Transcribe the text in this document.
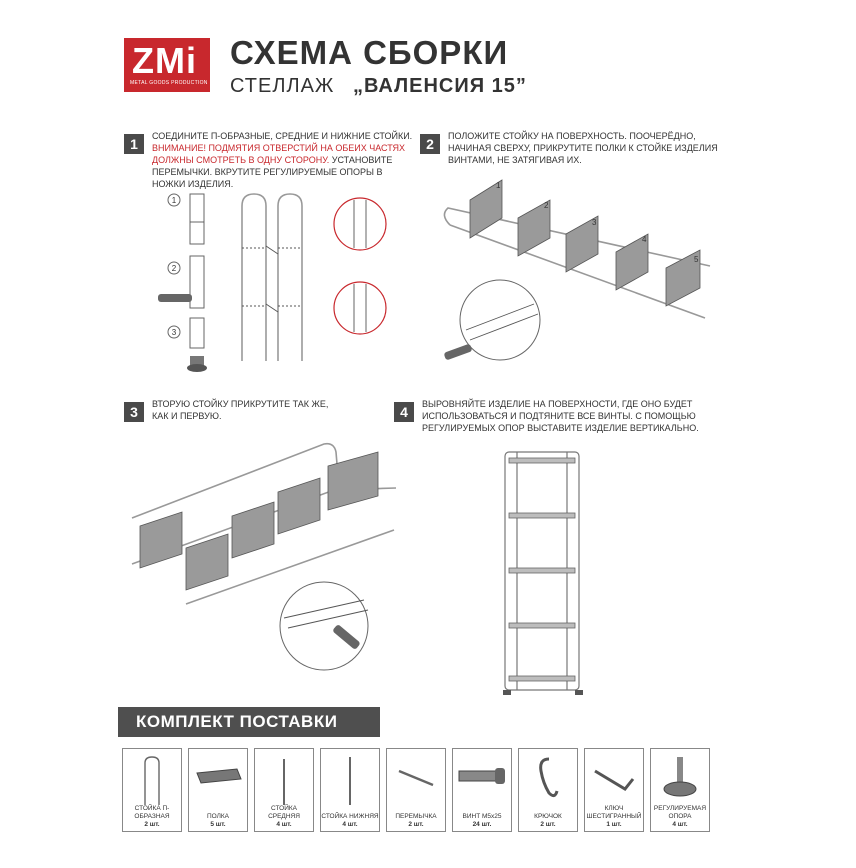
ZMi
METAL GOODS PRODUCTION
СХЕМА СБОРКИ
СТЕЛЛАЖ „ВАЛЕНСИЯ 15”
1	СОЕДИНИТЕ П-ОБРАЗНЫЕ, СРЕДНИЕ И НИЖНИЕ СТОЙКИ. ВНИМАНИЕ! ПОДМЯТИЯ ОТВЕРСТИЙ НА ОБЕИХ ЧАСТЯХ ДОЛЖНЫ СМОТРЕТЬ В ОДНУ СТОРОНУ. УСТАНОВИТЕ ПЕРЕМЫЧКИ. ВКРУТИТЕ РЕГУЛИРУЕМЫЕ ОПОРЫ В НОЖКИ ИЗДЕЛИЯ.
1
2
3
2	ПОЛОЖИТЕ СТОЙКУ НА ПОВЕРХНОСТЬ. ПООЧЕРЁДНО, НАЧИНАЯ СВЕРХУ, ПРИКРУТИТЕ ПОЛКИ К СТОЙКЕ ИЗДЕЛИЯ ВИНТАМИ, НЕ ЗАТЯГИВАЯ ИХ.
1
2
3
4
5
3	ВТОРУЮ СТОЙКУ ПРИКРУТИТЕ ТАК ЖЕ, КАК И ПЕРВУЮ.	4	ВЫРОВНЯЙТЕ ИЗДЕЛИЕ НА ПОВЕРХНОСТИ, ГДЕ ОНО БУДЕТ ИСПОЛЬЗОВАТЬСЯ И ПОДТЯНИТЕ ВСЕ ВИНТЫ. С ПОМОЩЬЮ РЕГУЛИРУЕМЫХ ОПОР ВЫСТАВИТЕ ИЗДЕЛИЕ ВЕРТИКАЛЬНО.
КОМПЛЕКТ ПОСТАВКИ
СТОЙКА П-ОБРАЗНАЯ
2 шт.
ПОЛКА
5 шт.
СТОЙКА СРЕДНЯЯ
4 шт.
СТОЙКА НИЖНЯЯ
4 шт.
ПЕРЕМЫЧКА
2 шт.
ВИНТ М5х25
24 шт.
КРЮЧОК
2 шт.
КЛЮЧ ШЕСТИГРАННЫЙ
1 шт.
РЕГУЛИРУЕМАЯ ОПОРА
4 шт.
